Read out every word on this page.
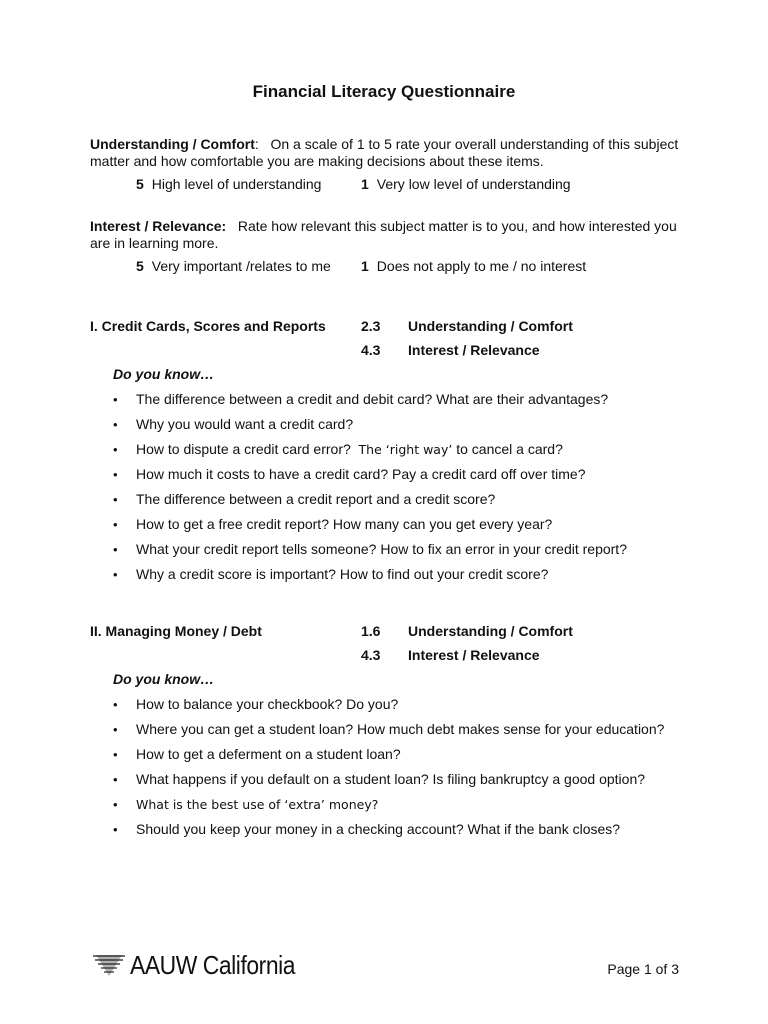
Financial Literacy Questionnaire
Understanding / Comfort: On a scale of 1 to 5 rate your overall understanding of this subject matter and how comfortable you are making decisions about these items.
5 High level of understanding	1 Very low level of understanding
Interest / Relevance: Rate how relevant this subject matter is to you, and how interested you are in learning more.
5 Very important /relates to me 1 Does not apply to me / no interest
I. Credit Cards, Scores and Reports	2.3 Understanding / Comfort
4.3 Interest / Relevance
Do you know…
• The difference between a credit and debit card? What are their advantages?
• Why you would want a credit card?
• How to dispute a credit card error? The ‘right way’ to cancel a card?
• How much it costs to have a credit card? Pay a credit card off over time?
• The difference between a credit report and a credit score?
• How to get a free credit report? How many can you get every year?
• What your credit report tells someone? How to fix an error in your credit report?
• Why a credit score is important? How to find out your credit score?
II. Managing Money / Debt	1.6 Understanding / Comfort
4.3 Interest / Relevance
Do you know…
• How to balance your checkbook? Do you?
• Where you can get a student loan? How much debt makes sense for your education?
• How to get a deferment on a student loan?
• What happens if you default on a student loan? Is filing bankruptcy a good option?
• What is the best use of ‘extra’ money?
• Should you keep your money in a checking account? What if the bank closes?
AAUW California	Page 1 of 3
